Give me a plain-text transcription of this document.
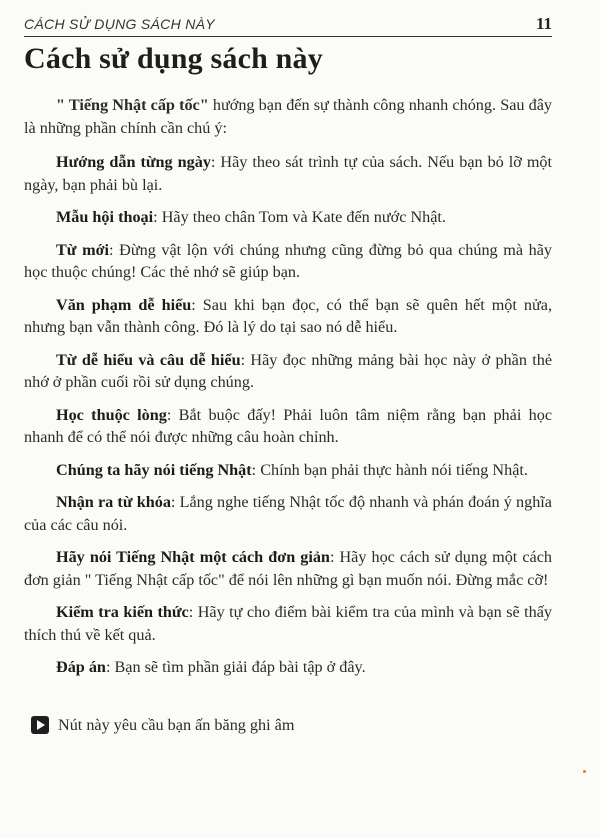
CÁCH SỬ DỤNG SÁCH NÀY	11
Cách sử dụng sách này

" Tiếng Nhật cấp tốc" hướng bạn đến sự thành công nhanh chóng. Sau đây là những phần chính cần chú ý:

Hướng dẫn từng ngày: Hãy theo sát trình tự của sách. Nếu bạn bỏ lỡ một ngày, bạn phải bù lại.

Mẫu hội thoại: Hãy theo chân Tom và Kate đến nước Nhật.

Từ mới: Đừng vật lộn với chúng nhưng cũng đừng bỏ qua chúng mà hãy học thuộc chúng! Các thẻ nhớ sẽ giúp bạn.

Văn phạm dễ hiểu: Sau khi bạn đọc, có thể bạn sẽ quên hết một nửa, nhưng bạn vẫn thành công. Đó là lý do tại sao nó dễ hiểu.

Từ dễ hiểu và câu dễ hiểu: Hãy đọc những mảng bài học này ở phần thẻ nhớ ở phần cuối rồi sử dụng chúng.

Học thuộc lòng: Bắt buộc đấy! Phải luôn tâm niệm rằng bạn phải học nhanh để có thể nói được những câu hoàn chỉnh.

Chúng ta hãy nói tiếng Nhật: Chính bạn phải thực hành nói tiếng Nhật.

Nhận ra từ khóa: Lắng nghe tiếng Nhật tốc độ nhanh và phán đoán ý nghĩa của các câu nói.

Hãy nói Tiếng Nhật một cách đơn giản: Hãy học cách sử dụng một cách đơn giản " Tiếng Nhật cấp tốc" để nói lên những gì bạn muốn nói. Đừng mắc cỡ!

Kiểm tra kiến thức: Hãy tự cho điểm bài kiểm tra của mình và bạn sẽ thấy thích thú về kết quả.

Đáp án: Bạn sẽ tìm phần giải đáp bài tập ở đây.

Nút này yêu cầu bạn ấn băng ghi âm
